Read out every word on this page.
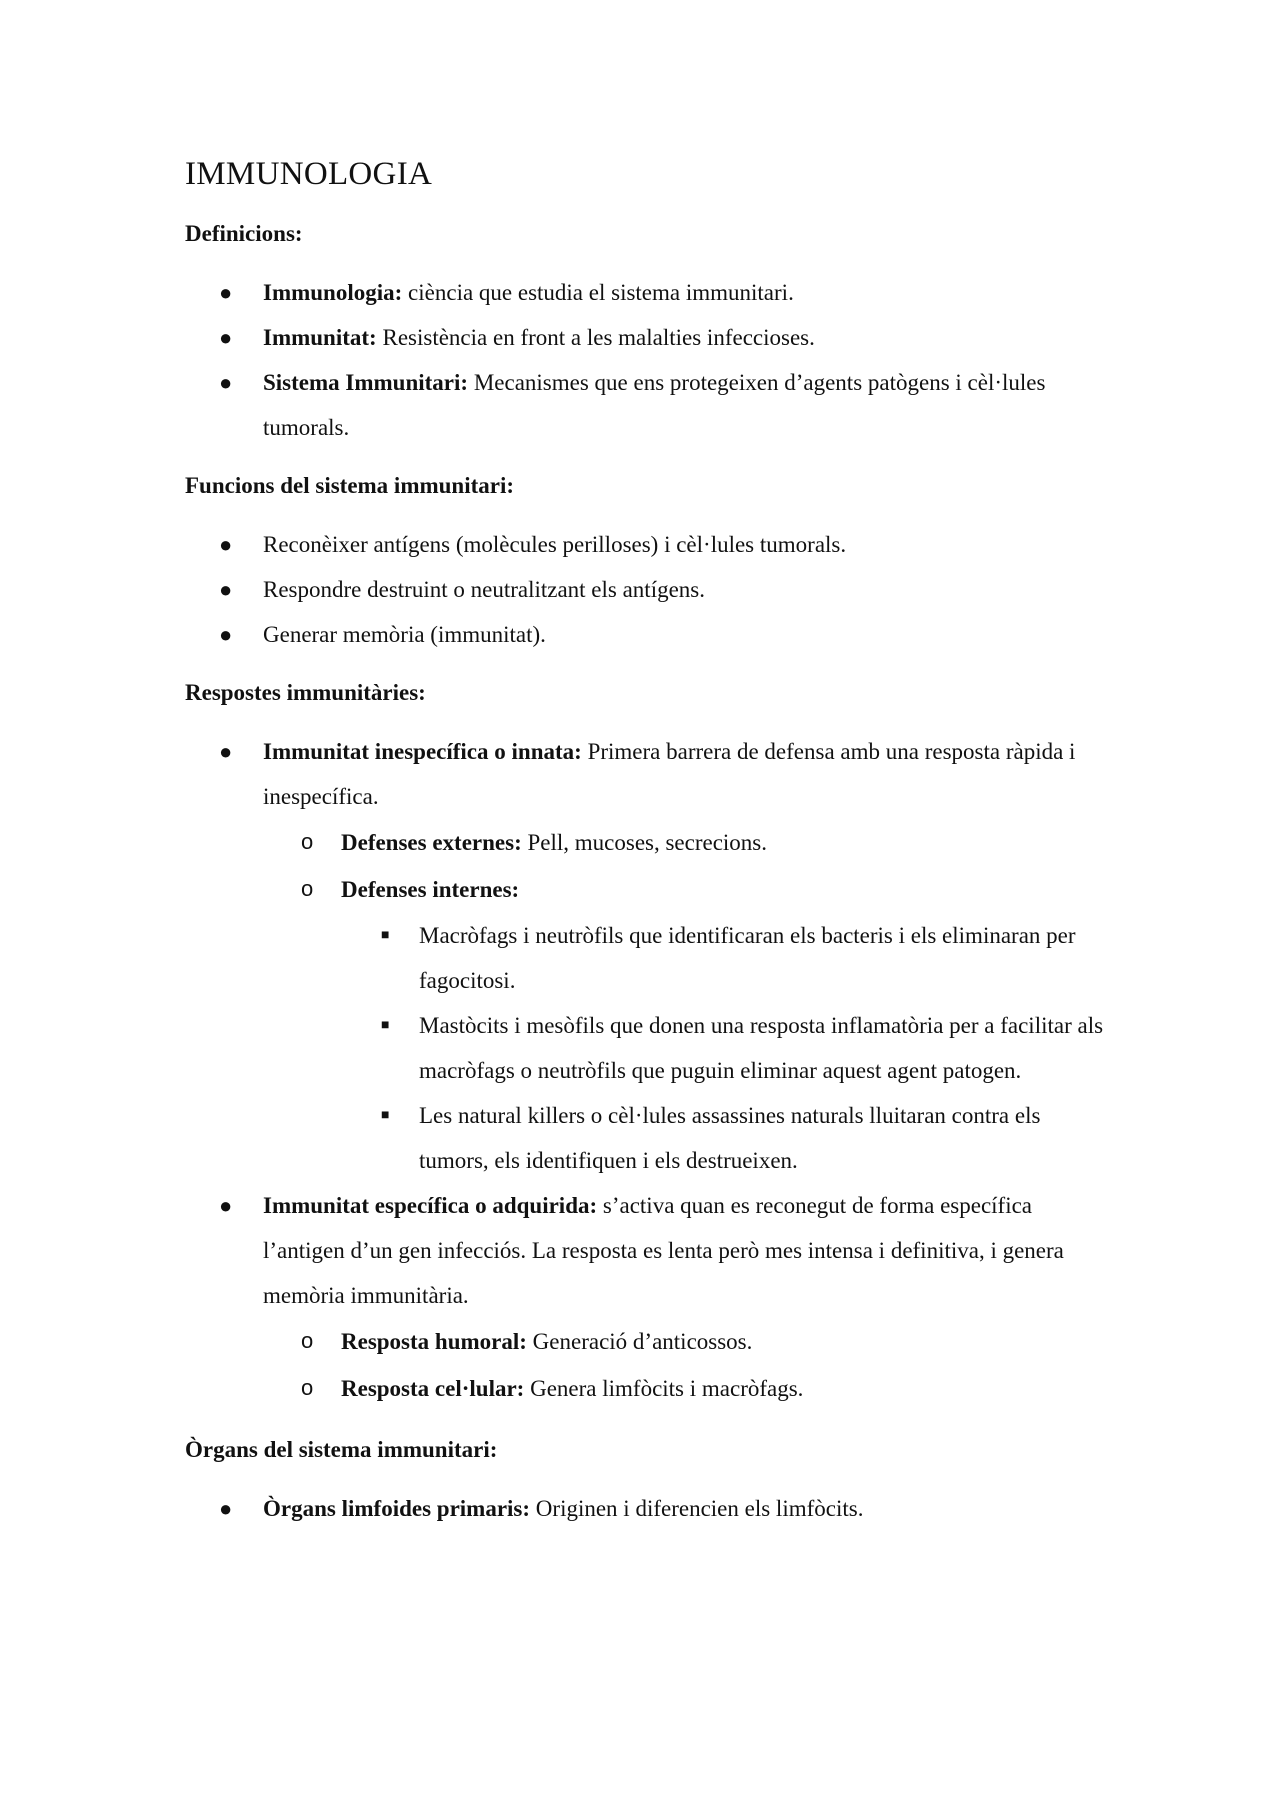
IMMUNOLOGIA
Definicions:
● Immunologia: ciència que estudia el sistema immunitari.
● Immunitat: Resistència en front a les malalties infeccioses.
● Sistema Immunitari: Mecanismes que ens protegeixen d’agents patògens i cèl·lules tumorals.
Funcions del sistema immunitari:
● Reconèixer antígens (molècules perilloses) i cèl·lules tumorals.
● Respondre destruint o neutralitzant els antígens.
● Generar memòria (immunitat).
Respostes immunitàries:
● Immunitat inespecífica o innata: Primera barrera de defensa amb una resposta ràpida i inespecífica.
o Defenses externes: Pell, mucoses, secrecions.
o Defenses internes:
■ Macròfags i neutròfils que identificaran els bacteris i els eliminaran per fagocitosi.
■ Mastòcits i mesòfils que donen una resposta inflamatòria per a facilitar als macròfags o neutròfils que puguin eliminar aquest agent patogen.
■ Les natural killers o cèl·lules assassines naturals lluitaran contra els tumors, els identifiquen i els destrueixen.
● Immunitat específica o adquirida: s’activa quan es reconegut de forma específica l’antigen d’un gen infecciós. La resposta es lenta però mes intensa i definitiva, i genera memòria immunitària.
o Resposta humoral: Generació d’anticossos.
o Resposta cel·lular: Genera limfòcits i macròfags.
Òrgans del sistema immunitari:
● Òrgans limfoides primaris: Originen i diferencien els limfòcits.
